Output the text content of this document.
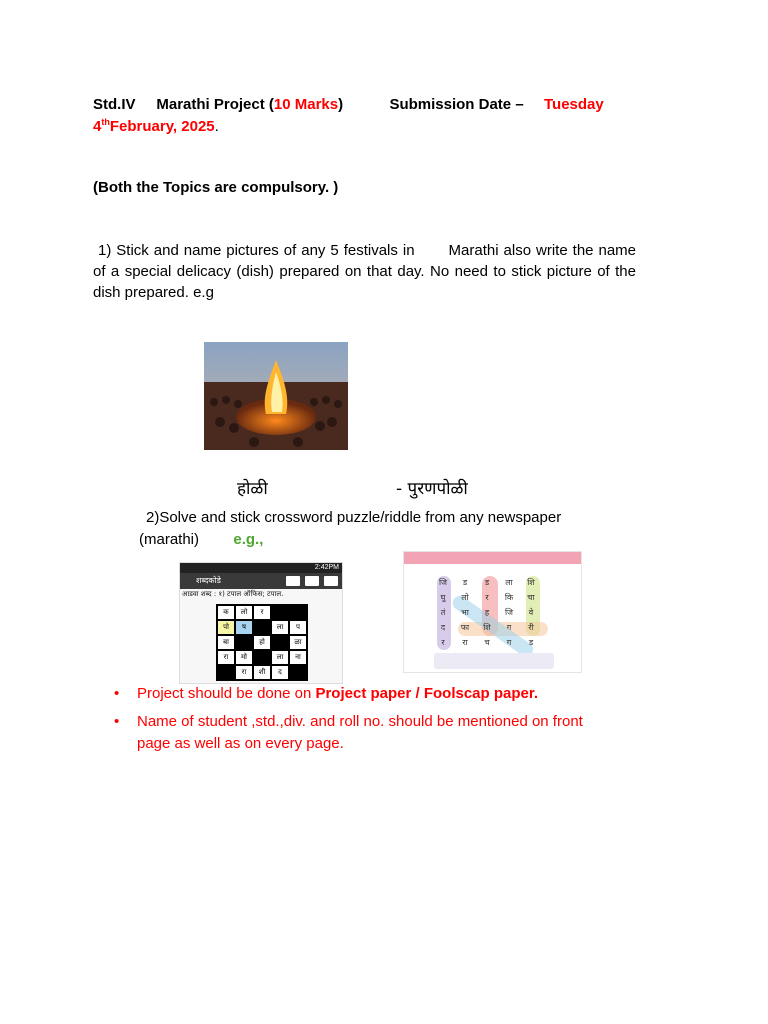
Std.IV Marathi Project (10 Marks)	Submission Date – Tuesday
4thFebruary, 2025.
(Both the Topics are compulsory. )
1) Stick and name pictures of any 5 festivals in Marathi also write the name of a special delicacy (dish) prepared on that day. No need to stick picture of the dish prepared. e.g
होळी	- पुरणपोळी
2)Solve and stick crossword puzzle/riddle from any newspaper
(marathi) e.g.,
2:42PM
शब्दकोडे
आडवा शब्द : १) टपाल ऑफिस; टपाल.
क	लो	र
पो	ष	ला	प
बा	हो	ळा
रा	मो	ला	ना
रा	शी	द
जि	ड	ड	ला	शि
घु	लो	र	कि	चा
तं	भा	ह	जि	वे
द	फा	शि	ग	री
र	रा	च	ग	ड
• Project should be done on Project paper / Foolscap paper.
• Name of student ,std.,div. and roll no. should be mentioned on front page as well as on every page.
